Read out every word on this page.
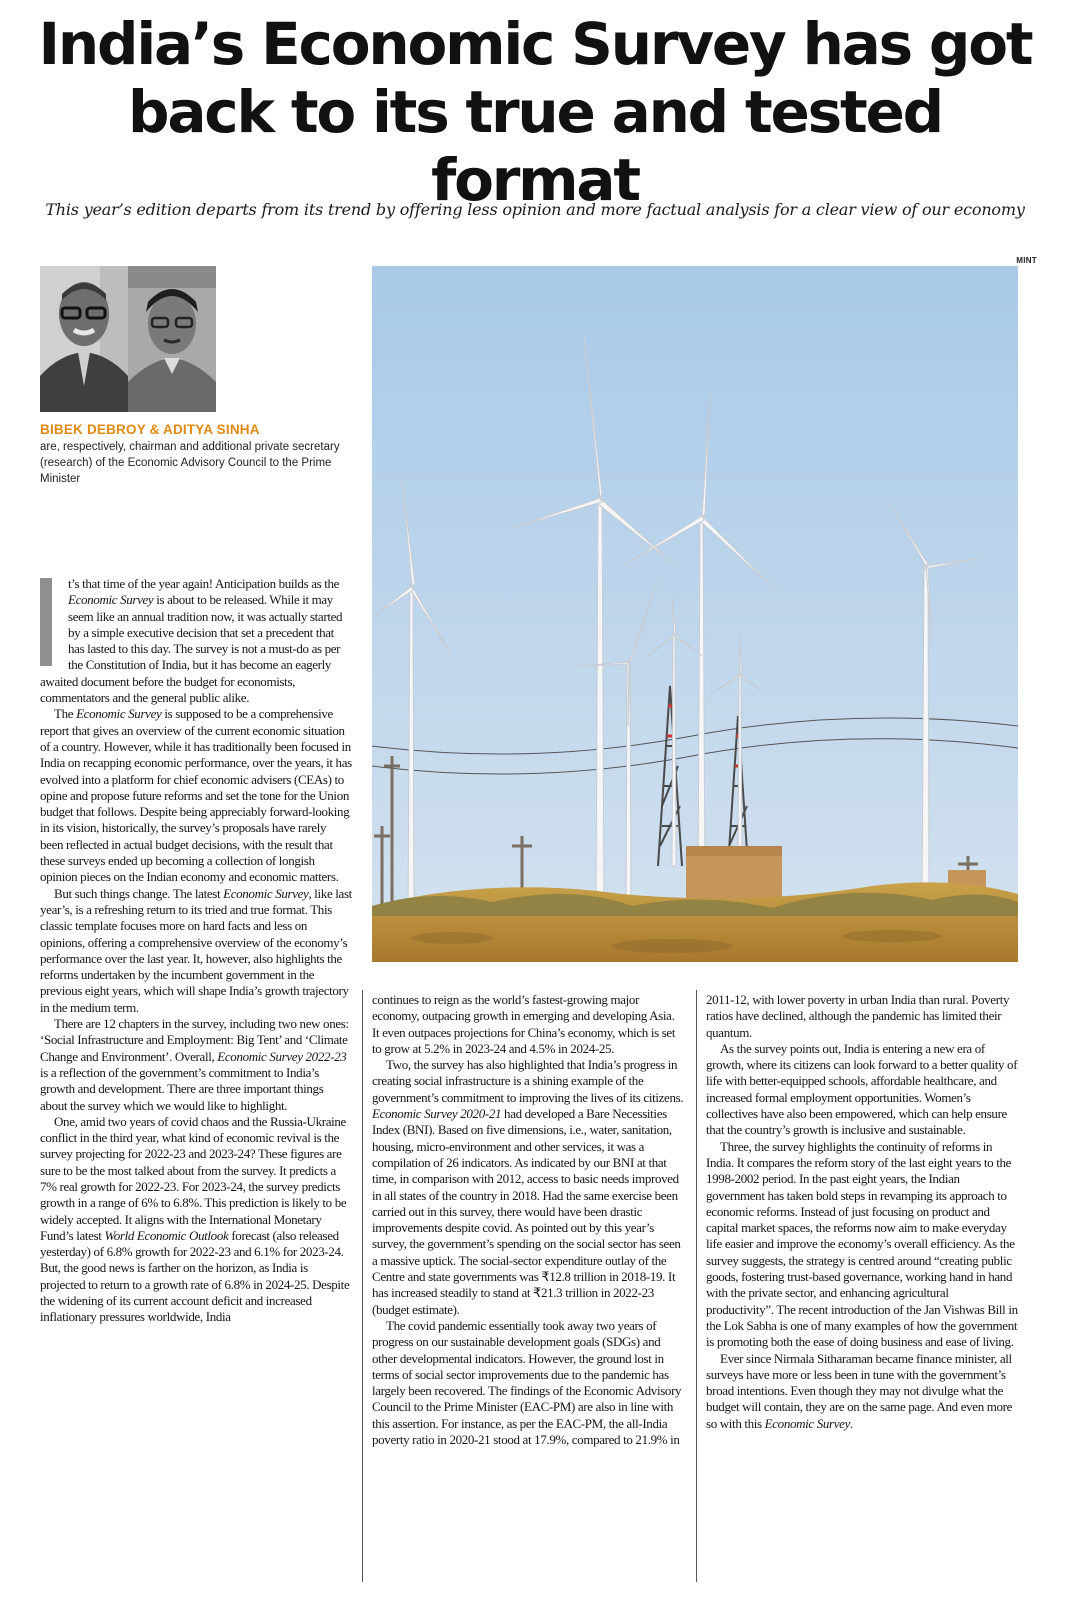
India’s Economic Survey has got
back to its true and tested format

This year’s edition departs from its trend by offering less opinion and more factual analysis for a clear view of our economy

MINT

BIBEK DEBROY & ADITYA SINHA

are, respectively, chairman and additional private secretary (research) of the Economic Advisory Council to the Prime Minister

t’s that time of the year again! Anticipation builds as the Economic Survey is about to be released. While it may seem like an annual tradition now, it was actually started by a simple executive decision that set a precedent that has lasted to this day. The survey is not a must-do as per the Constitution of India, but it has become an eagerly awaited document before the budget for economists, commentators and the general public alike.

The Economic Survey is supposed to be a comprehensive report that gives an overview of the current economic situation of a country. However, while it has traditionally been focused in India on recapping economic performance, over the years, it has evolved into a platform for chief economic advisers (CEAs) to opine and propose future reforms and set the tone for the Union budget that follows. Despite being appreciably forward-looking in its vision, historically, the survey’s proposals have rarely been reflected in actual budget decisions, with the result that these surveys ended up becoming a collection of longish opinion pieces on the Indian economy and economic matters.

But such things change. The latest Economic Survey, like last year’s, is a refreshing return to its tried and true format. This classic template focuses more on hard facts and less on opinions, offering a comprehensive overview of the economy’s performance over the last year. It, however, also highlights the reforms undertaken by the incumbent government in the previous eight years, which will shape India’s growth trajectory in the medium term.

There are 12 chapters in the survey, including two new ones: ‘Social Infrastructure and Employment: Big Tent’ and ‘Climate Change and Environment’. Overall, Economic Survey 2022-23 is a reflection of the government’s commitment to India’s growth and development. There are three important things about the survey which we would like to highlight.

One, amid two years of covid chaos and the Russia-Ukraine conflict in the third year, what kind of economic revival is the survey projecting for 2022-23 and 2023-24? These figures are sure to be the most talked about from the survey. It predicts a 7% real growth for 2022-23. For 2023-24, the survey predicts growth in a range of 6% to 6.8%. This prediction is likely to be widely accepted. It aligns with the International Monetary Fund’s latest World Economic Outlook forecast (also released yesterday) of 6.8% growth for 2022-23 and 6.1% for 2023-24. But, the good news is farther on the horizon, as India is projected to return to a growth rate of 6.8% in 2024-25. Despite the widening of its current account deficit and increased inflationary pressures worldwide, India

continues to reign as the world’s fastest-growing major economy, outpacing growth in emerging and developing Asia. It even outpaces projections for China’s economy, which is set to grow at 5.2% in 2023-24 and 4.5% in 2024-25.

Two, the survey has also highlighted that India’s progress in creating social infrastructure is a shining example of the government’s commitment to improving the lives of its citizens. Economic Survey 2020-21 had developed a Bare Necessities Index (BNI). Based on five dimensions, i.e., water, sanitation, housing, micro-environment and other services, it was a compilation of 26 indicators. As indicated by our BNI at that time, in comparison with 2012, access to basic needs improved in all states of the country in 2018. Had the same exercise been carried out in this survey, there would have been drastic improvements despite covid. As pointed out by this year’s survey, the government’s spending on the social sector has seen a massive uptick. The social-sector expenditure outlay of the Centre and state governments was ₹12.8 trillion in 2018-19. It has increased steadily to stand at ₹21.3 trillion in 2022-23 (budget estimate).

The covid pandemic essentially took away two years of progress on our sustainable development goals (SDGs) and other developmental indicators. However, the ground lost in terms of social sector improvements due to the pandemic has largely been recovered. The findings of the Economic Advisory Council to the Prime Minister (EAC-PM) are also in line with this assertion. For instance, as per the EAC-PM, the all-India poverty ratio in 2020-21 stood at 17.9%, compared to 21.9% in

2011-12, with lower poverty in urban India than rural. Poverty ratios have declined, although the pandemic has limited their quantum.

As the survey points out, India is entering a new era of growth, where its citizens can look forward to a better quality of life with better-equipped schools, affordable healthcare, and increased formal employment opportunities. Women’s collectives have also been empowered, which can help ensure that the country’s growth is inclusive and sustainable.

Three, the survey highlights the continuity of reforms in India. It compares the reform story of the last eight years to the 1998-2002 period. In the past eight years, the Indian government has taken bold steps in revamping its approach to economic reforms. Instead of just focusing on product and capital market spaces, the reforms now aim to make everyday life easier and improve the economy’s overall efficiency. As the survey suggests, the strategy is centred around “creating public goods, fostering trust-based governance, working hand in hand with the private sector, and enhancing agricultural productivity”. The recent introduction of the Jan Vishwas Bill in the Lok Sabha is one of many examples of how the government is promoting both the ease of doing business and ease of living.

Ever since Nirmala Sitharaman became finance minister, all surveys have more or less been in tune with the government’s broad intentions. Even though they may not divulge what the budget will contain, they are on the same page. And even more so with this Economic Survey.
